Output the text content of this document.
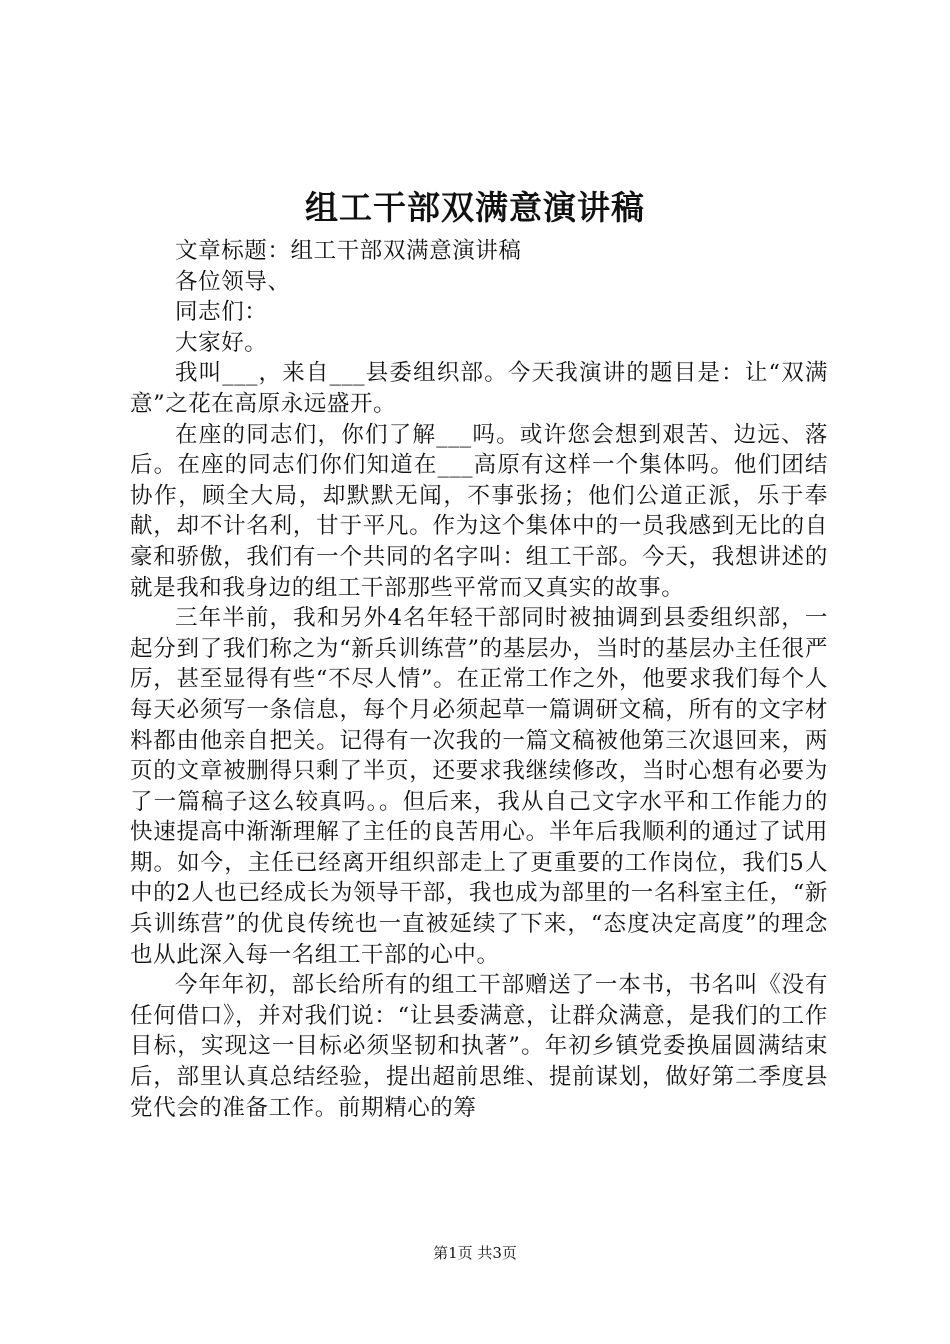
组工干部双满意演讲稿

文章标题：组工干部双满意演讲稿

各位领导、

同志们：

大家好。

我叫___，来自___县委组织部。今天我演讲的题目是：让“双满意”之花在高原永远盛开。

在座的同志们，你们了解___吗。或许您会想到艰苦、边远、落后。在座的同志们你们知道在___高原有这样一个集体吗。他们团结协作，顾全大局，却默默无闻，不事张扬；他们公道正派，乐于奉献，却不计名利，甘于平凡。作为这个集体中的一员我感到无比的自豪和骄傲，我们有一个共同的名字叫：组工干部。今天，我想讲述的就是我和我身边的组工干部那些平常而又真实的故事。

三年半前，我和另外4名年轻干部同时被抽调到县委组织部，一起分到了我们称之为“新兵训练营”的基层办，当时的基层办主任很严厉，甚至显得有些“不尽人情”。在正常工作之外，他要求我们每个人每天必须写一条信息，每个月必须起草一篇调研文稿，所有的文字材料都由他亲自把关。记得有一次我的一篇文稿被他第三次退回来，两页的文章被删得只剩了半页，还要求我继续修改，当时心想有必要为了一篇稿子这么较真吗。。但后来，我从自己文字水平和工作能力的快速提高中渐渐理解了主任的良苦用心。半年后我顺利的通过了试用期。如今，主任已经离开组织部走上了更重要的工作岗位，我们5人中的2人也已经成长为领导干部，我也成为部里的一名科室主任，“新兵训练营”的优良传统也一直被延续了下来，“态度决定高度”的理念也从此深入每一名组工干部的心中。

今年年初，部长给所有的组工干部赠送了一本书，书名叫《没有任何借口》，并对我们说：“让县委满意，让群众满意，是我们的工作目标，实现这一目标必须坚韧和执著”。年初乡镇党委换届圆满结束后，部里认真总结经验，提出超前思维、提前谋划，做好第二季度县党代会的准备工作。前期精心的筹

第1页 共3页
